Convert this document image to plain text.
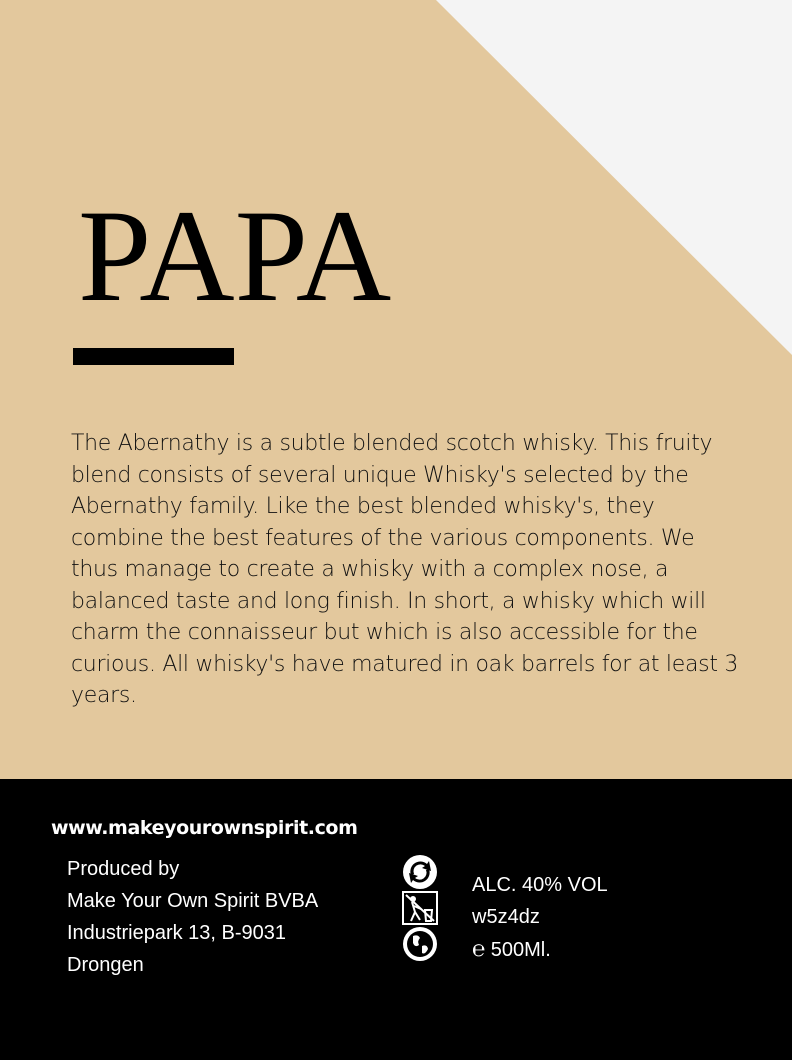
PAPA

The Abernathy is a subtle blended scotch whisky. This fruity blend consists of several unique Whisky's selected by the Abernathy family. Like the best blended whisky's, they combine the best features of the various components. We thus manage to create a whisky with a complex nose, a balanced taste and long finish. In short, a whisky which will charm the connaisseur but which is also accessible for the curious. All whisky's have matured in oak barrels for at least 3 years.

www.makeyourownspirit.com
Produced by
Make Your Own Spirit BVBA
Industriepark 13, B-9031
Drongen
ALC. 40% VOL
w5z4dz
℮ 500Ml.
